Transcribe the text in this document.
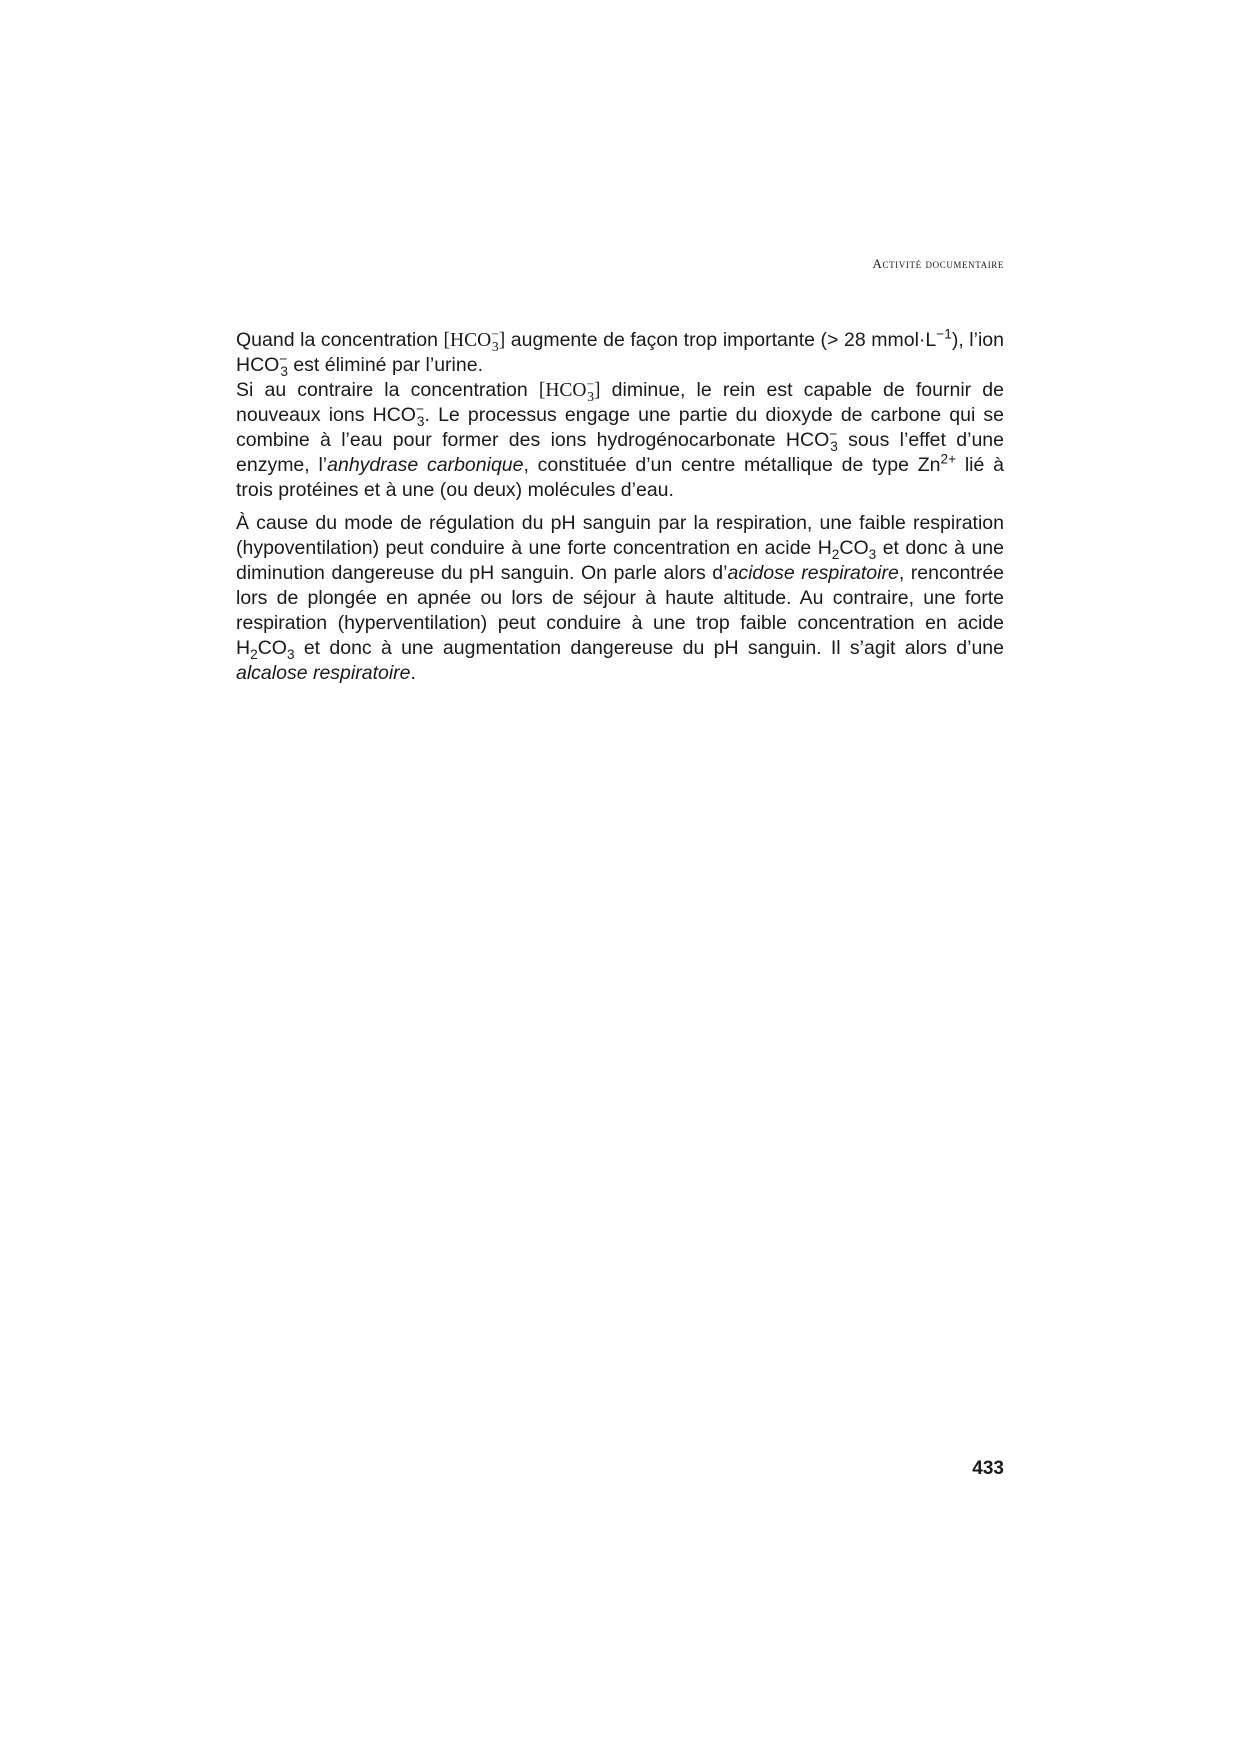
Activité documentaire

Quand la concentration $[HCO^-_3]$ augmente de façon trop importante (> 28 $mmol\cdot L^{-1}$), l’ion $HCO^-_3$ est éliminé par l’urine.
Si au contraire la concentration $[HCO^-_3]$ diminue, le rein est capable de fournir de nouveaux ions $HCO^-_3$. Le processus engage une partie du dioxyde de carbone qui se combine à l’eau pour former des ions hydrogénocarbonate $HCO^-_3$ sous l’effet d’une enzyme, l’anhydrase carbonique, constituée d’un centre métallique de type $Zn^{2+}$ lié à trois protéines et à une (ou deux) molécules d’eau.

À cause du mode de régulation du pH sanguin par la respiration, une faible respiration (hypoventilation) peut conduire à une forte concentration en acide $H_2CO_3$ et donc à une diminution dangereuse du pH sanguin. On parle alors d’acidose respiratoire, rencontrée lors de plongée en apnée ou lors de séjour à haute altitude. Au contraire, une forte respiration (hyperventilation) peut conduire à une trop faible concentration en acide $H_2CO_3$ et donc à une augmentation dangereuse du pH sanguin. Il s’agit alors d’une alcalose respiratoire.

433
